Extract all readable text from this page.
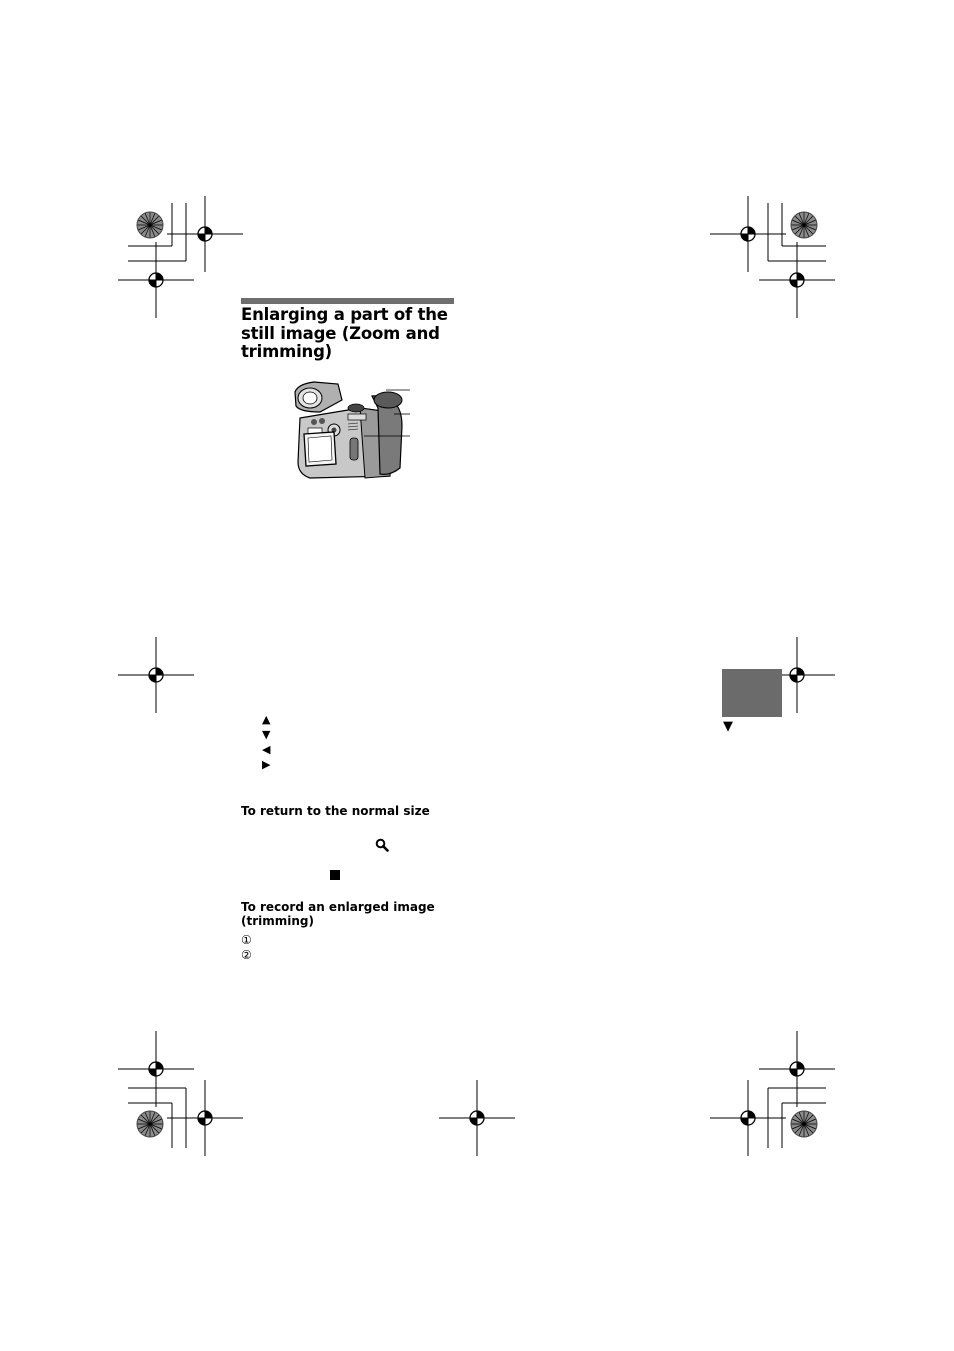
Enlarging a part of the still image (Zoom and trimming)
▲
▼
◀
▶
To return to the normal size
To record an enlarged image (trimming)
①
②
▼
